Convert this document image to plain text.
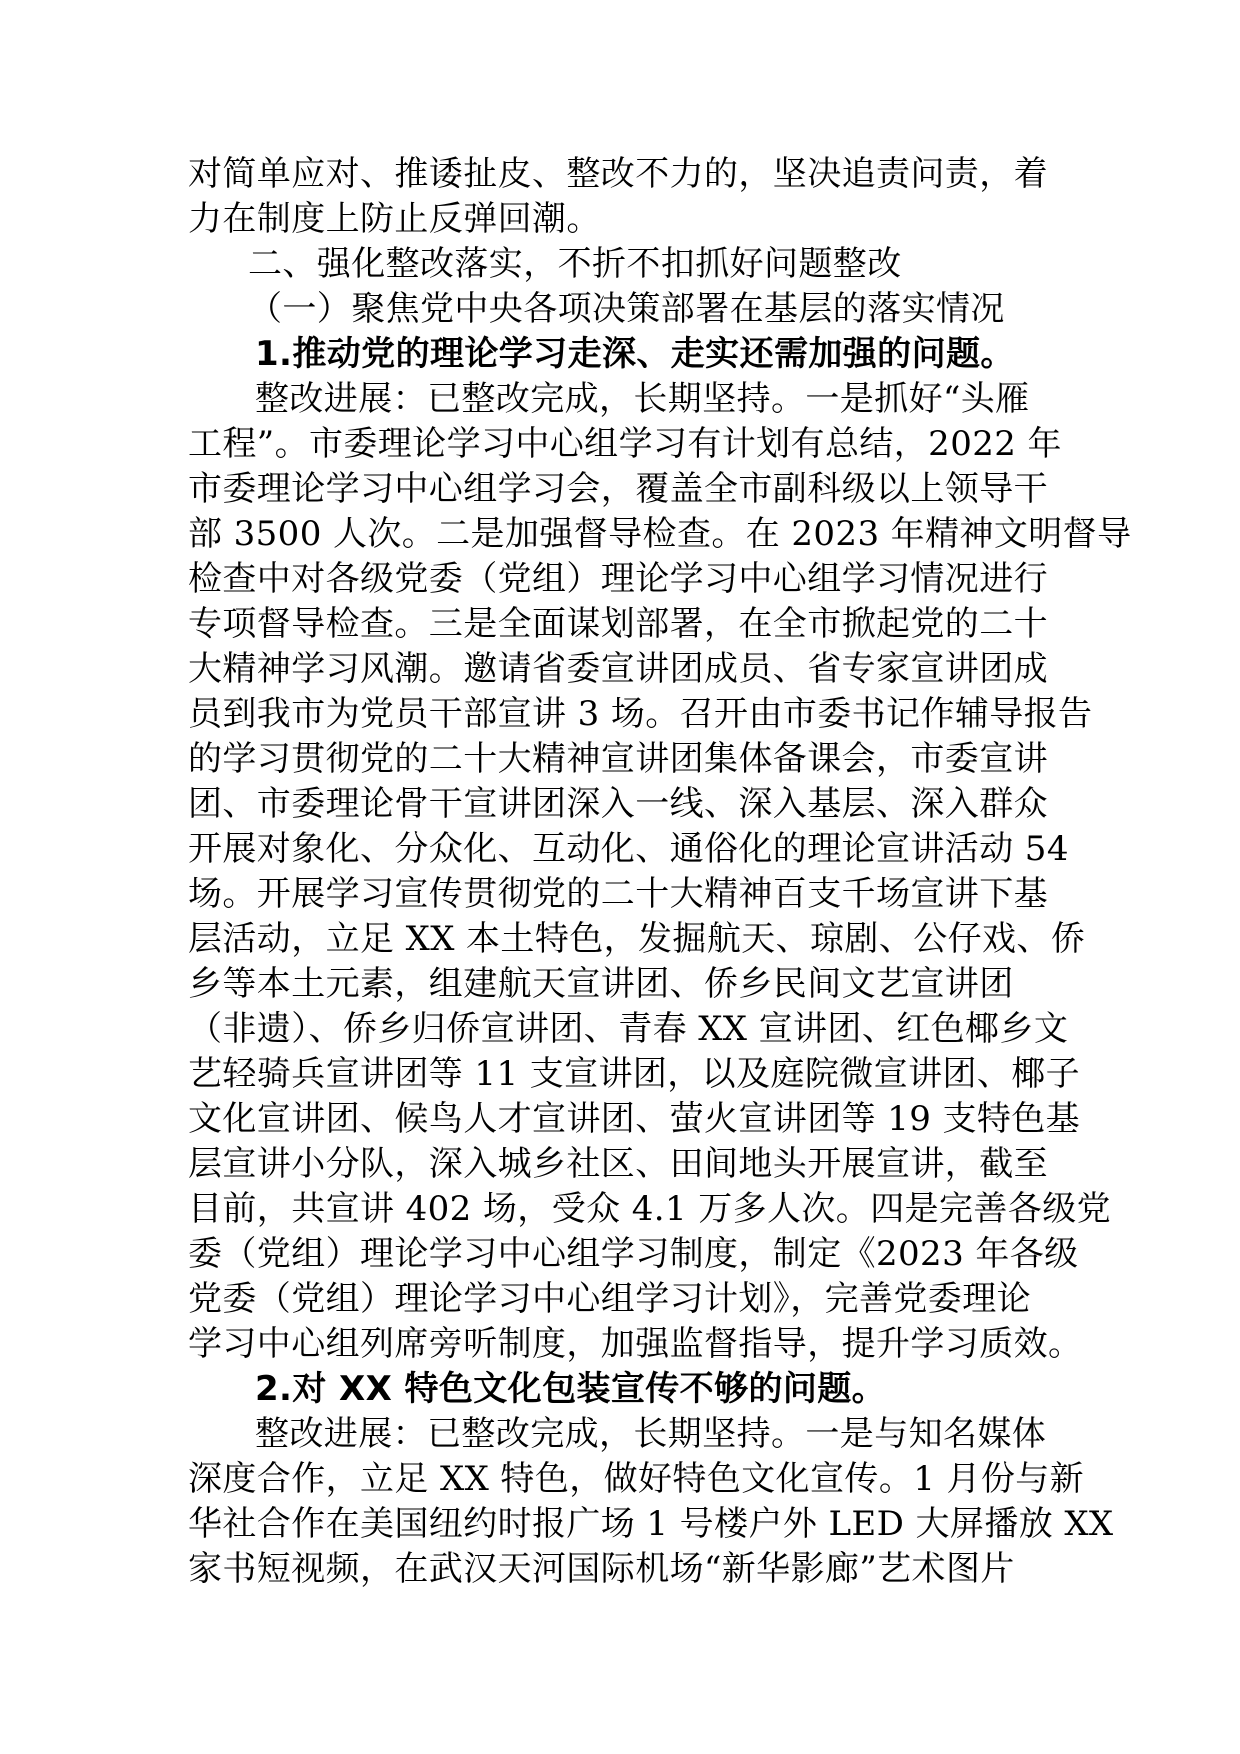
对简单应对、推诿扯皮、整改不力的，坚决追责问责，着
力在制度上防止反弹回潮。
二、强化整改落实，不折不扣抓好问题整改
（一）聚焦党中央各项决策部署在基层的落实情况
1.推动党的理论学习走深、走实还需加强的问题。
整改进展：已整改完成，长期坚持。一是抓好“头雁
工程”。市委理论学习中心组学习有计划有总结，2022 年
市委理论学习中心组学习会，覆盖全市副科级以上领导干
部 3500 人次。二是加强督导检查。在 2023 年精神文明督导
检查中对各级党委（党组）理论学习中心组学习情况进行
专项督导检查。三是全面谋划部署，在全市掀起党的二十
大精神学习风潮。邀请省委宣讲团成员、省专家宣讲团成
员到我市为党员干部宣讲 3 场。召开由市委书记作辅导报告
的学习贯彻党的二十大精神宣讲团集体备课会，市委宣讲
团、市委理论骨干宣讲团深入一线、深入基层、深入群众
开展对象化、分众化、互动化、通俗化的理论宣讲活动 54
场。开展学习宣传贯彻党的二十大精神百支千场宣讲下基
层活动，立足 XX 本土特色，发掘航天、琼剧、公仔戏、侨
乡等本土元素，组建航天宣讲团、侨乡民间文艺宣讲团
（非遗）、侨乡归侨宣讲团、青春 XX 宣讲团、红色椰乡文
艺轻骑兵宣讲团等 11 支宣讲团，以及庭院微宣讲团、椰子
文化宣讲团、候鸟人才宣讲团、萤火宣讲团等 19 支特色基
层宣讲小分队，深入城乡社区、田间地头开展宣讲，截至
目前，共宣讲 402 场，受众 4.1 万多人次。四是完善各级党
委（党组）理论学习中心组学习制度，制定《2023 年各级
党委（党组）理论学习中心组学习计划》，完善党委理论
学习中心组列席旁听制度，加强监督指导，提升学习质效。
2.对 XX 特色文化包装宣传不够的问题。
整改进展：已整改完成，长期坚持。一是与知名媒体
深度合作，立足 XX 特色，做好特色文化宣传。1 月份与新
华社合作在美国纽约时报广场 1 号楼户外 LED 大屏播放 XX
家书短视频，在武汉天河国际机场“新华影廊”艺术图片
